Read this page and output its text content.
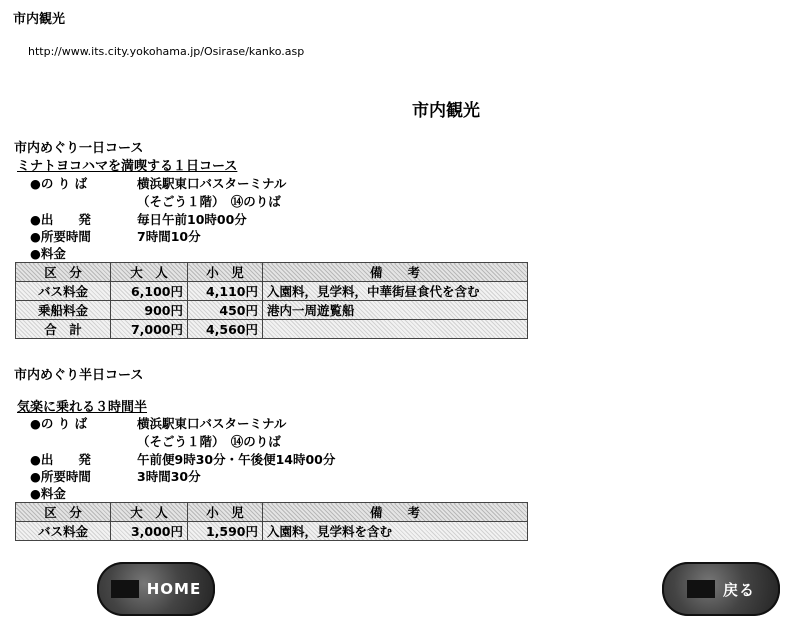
市内観光
http://www.its.city.yokohama.jp/Osirase/kanko.asp
市内観光
市内めぐり一日コース
ミナトヨコハマを満喫する１日コース
●の り ば	横浜駅東口バスターミナル
（そごう１階）　⑭のりば
●出　　発	毎日午前10時00分
●所要時間	7時間10分
●料金
区　分	大　人	小　児	備　　考
バス料金	6,100円	4,110円	入園料，見学料，中華街昼食代を含む
乗船料金	900円	450円	港内一周遊覧船
合　計	7,000円	4,560円	
市内めぐり半日コース
気楽に乗れる３時間半
●の り ば	横浜駅東口バスターミナル
（そごう１階）　⑭のりば
●出　　発	午前便9時30分・午後便14時00分
●所要時間	3時間30分
●料金
区　分	大　人	小　児	備　　考
バス料金	3,000円	1,590円	入園料，見学料を含む
HOME	戻る
